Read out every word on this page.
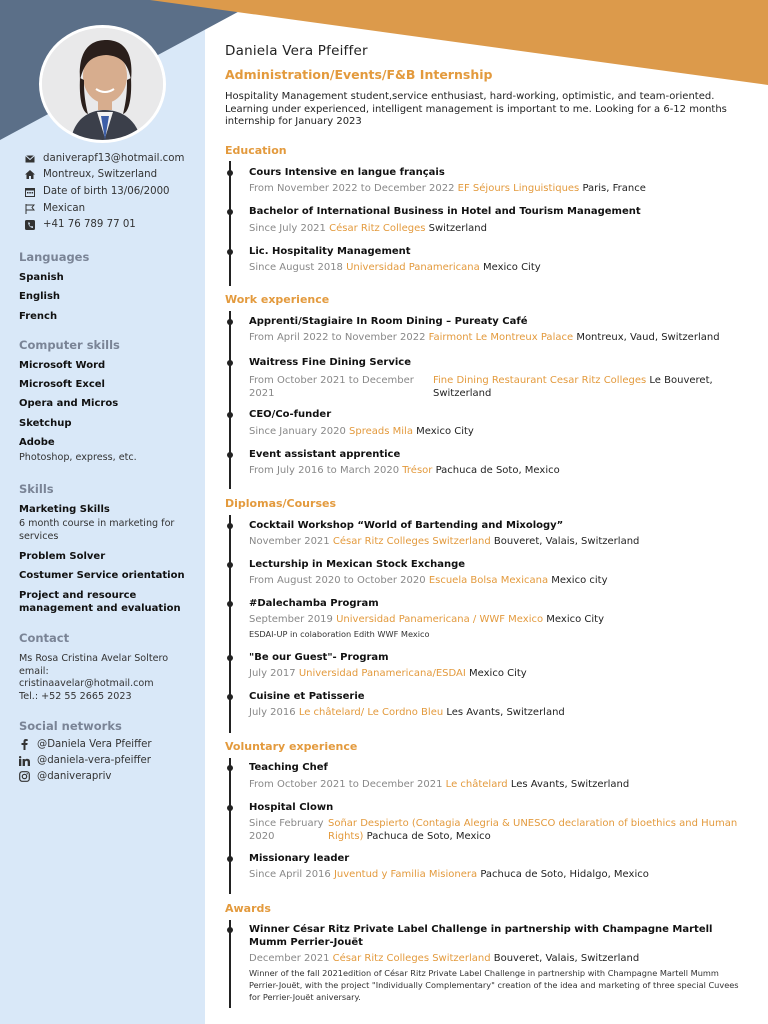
daniverapf13@hotmail.com
Montreux, Switzerland
Date of birth 13/06/2000
Mexican
+41 76 789 77 01
Languages
Spanish
English
French
Computer skills
Microsoft Word
Microsoft Excel
Opera and Micros
Sketchup
Adobe
Photoshop, express, etc.
Skills
Marketing Skills
6 month course in marketing for services
Problem Solver
Costumer Service orientation
Project and resource management and evaluation
Contact
Ms Rosa Cristina Avelar Soltero
email:
cristinaavelar@hotmail.com
Tel.: +52 55 2665 2023
Social networks
@Daniela Vera Pfeiffer
@daniela-vera-pfeiffer
@daniverapriv
Daniela Vera Pfeiffer
Administration/Events/F&B Internship
Hospitality Management student,service enthusiast, hard-working, optimistic, and team-oriented. Learning under experienced, intelligent management is important to me. Looking for a 6-12 months internship for January 2023
Education
Cours Intensive en langue français
From November 2022 to December 2022 EF Séjours Linguistiques Paris, France
Bachelor of International Business in Hotel and Tourism Management
Since July 2021 César Ritz Colleges Switzerland
Lic. Hospitality Management
Since August 2018 Universidad Panamericana Mexico City
Work experience
Apprenti/Stagiaire In Room Dining – Pureaty Café
From April 2022 to November 2022 Fairmont Le Montreux Palace Montreux, Vaud, Switzerland
Waitress Fine Dining Service
From October 2021 to December 2021
Fine Dining Restaurant Cesar Ritz Colleges Le Bouveret, Switzerland
CEO/Co-funder
Since January 2020 Spreads Mila Mexico City
Event assistant apprentice
From July 2016 to March 2020 Trésor Pachuca de Soto, Mexico
Diplomas/Courses
Cocktail Workshop “World of Bartending and Mixology”
November 2021 César Ritz Colleges Switzerland Bouveret, Valais, Switzerland
Lecturship in Mexican Stock Exchange
From August 2020 to October 2020 Escuela Bolsa Mexicana Mexico city
#Dalechamba Program
September 2019 Universidad Panamericana / WWF Mexico Mexico City
ESDAI-UP in colaboration Edith WWF Mexico
"Be our Guest"- Program
July 2017 Universidad Panamericana/ESDAI Mexico City
Cuisine et Patisserie
July 2016 Le châtelard/ Le Cordno Bleu Les Avants, Switzerland
Voluntary experience
Teaching Chef
From October 2021 to December 2021 Le châtelard Les Avants, Switzerland
Hospital Clown
Since February 2020
Soñar Despierto (Contagia Alegria & UNESCO declaration of bioethics and Human Rights) Pachuca de Soto, Mexico
Missionary leader
Since April 2016 Juventud y Familia Misionera Pachuca de Soto, Hidalgo, Mexico
Awards
Winner César Ritz Private Label Challenge in partnership with Champagne Martell Mumm Perrier-Jouët
December 2021 César Ritz Colleges Switzerland Bouveret, Valais, Switzerland
Winner of the fall 2021edition of César Ritz Private Label Challenge in partnership with Champagne Martell Mumm Perrier-Jouët, with the project "Individually Complementary" creation of the idea and marketing of three special Cuvees for Perrier-Jouët aniversary.
